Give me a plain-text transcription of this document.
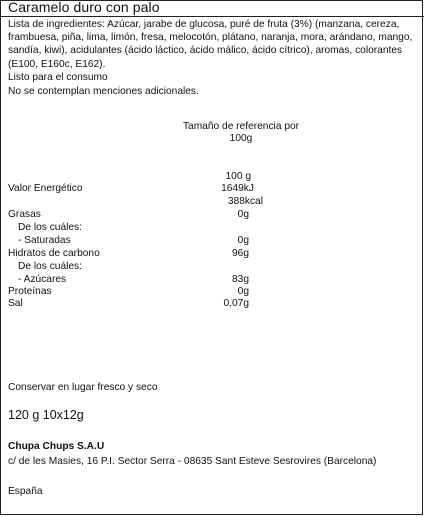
Caramelo duro con palo
Lista de ingredientes: Azúcar, jarabe de glucosa, puré de fruta (3%) (manzana, cereza, frambuesa, piña, lima, limón, fresa, melocotón, plátano, naranja, mora, arándano, mango, sandía, kiwi), acidulantes (ácido láctico, ácido málico, ácido cítrico), aromas, colorantes (E100, E160c, E162).
Listo para el consumo
No se contemplan menciones adicionales.
Tamaño de referencia por
100g
100 g
Valor Energético	1649kJ
388kcal
Grasas	0g
De los cuáles:
- Saturadas	0g
Hidratos de carbono	96g
De los cuáles:
- Azúcares	83g
Proteínas	0g
Sal	0,07g
Conservar en lugar fresco y seco
120 g 10x12g
Chupa Chups S.A.U
c/ de les Masies, 16 P.I. Sector Serra - 08635 Sant Esteve Sesrovires (Barcelona)
España
